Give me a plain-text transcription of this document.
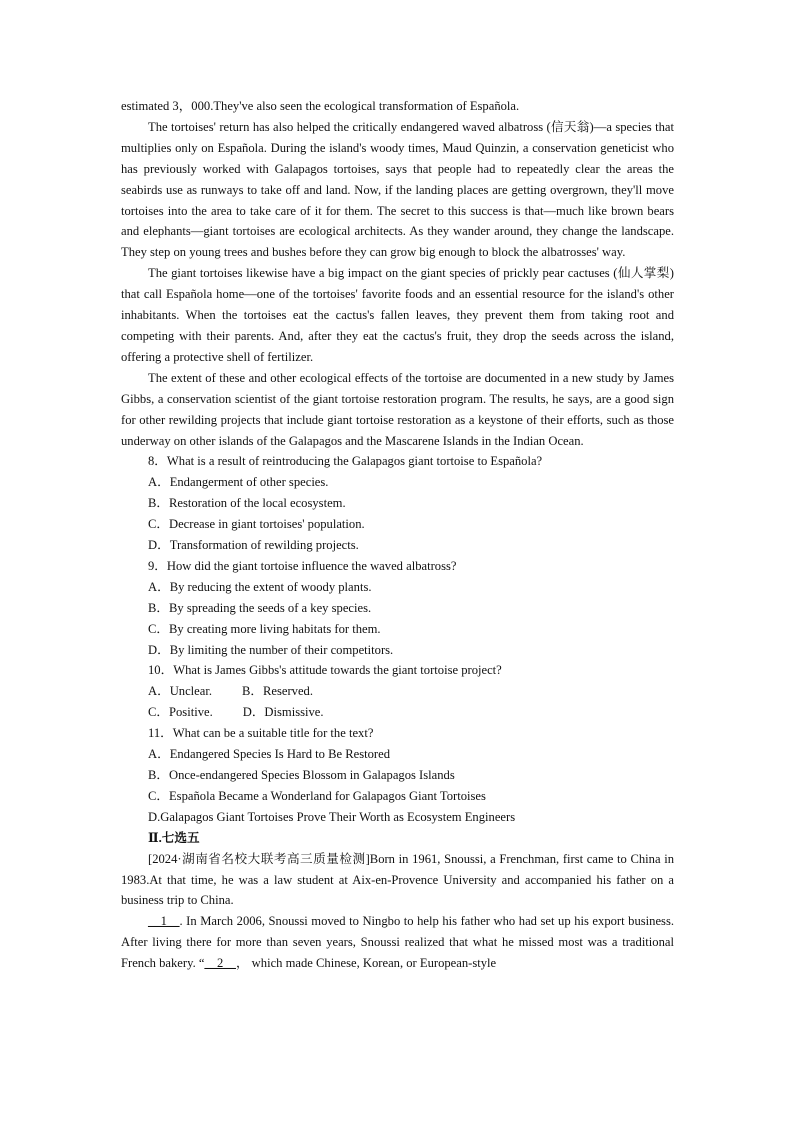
estimated 3，000.They've also seen the ecological transformation of Española.

The tortoises' return has also helped the critically endangered waved albatross (信天翁)—a species that multiplies only on Española. During the island's woody times, Maud Quinzin, a conservation geneticist who has previously worked with Galapagos tortoises, says that people had to repeatedly clear the areas the seabirds use as runways to take off and land. Now, if the landing places are getting overgrown, they'll move tortoises into the area to take care of it for them. The secret to this success is that—much like brown bears and elephants—giant tortoises are ecological architects. As they wander around, they change the landscape. They step on young trees and bushes before they can grow big enough to block the albatrosses' way.

The giant tortoises likewise have a big impact on the giant species of prickly pear cactuses (仙人掌梨) that call Española home—one of the tortoises' favorite foods and an essential resource for the island's other inhabitants. When the tortoises eat the cactus's fallen leaves, they prevent them from taking root and competing with their parents. And, after they eat the cactus's fruit, they drop the seeds across the island, offering a protective shell of fertilizer.

The extent of these and other ecological effects of the tortoise are documented in a new study by James Gibbs, a conservation scientist of the giant tortoise restoration program. The results, he says, are a good sign for other rewilding projects that include giant tortoise restoration as a keystone of their efforts, such as those underway on other islands of the Galapagos and the Mascarene Islands in the Indian Ocean.

8．What is a result of reintroducing the Galapagos giant tortoise to Española?

A．Endangerment of other species.

B．Restoration of the local ecosystem.

C．Decrease in giant tortoises' population.

D．Transformation of rewilding projects.

9．How did the giant tortoise influence the waved albatross?

A．By reducing the extent of woody plants.

B．By spreading the seeds of a key species.

C．By creating more living habitats for them.

D．By limiting the number of their competitors.

10．What is James Gibbs's attitude towards the giant tortoise project?

A．Unclear. B．Reserved.

C．Positive. D．Dismissive.

11．What can be a suitable title for the text?

A．Endangered Species Is Hard to Be Restored

B．Once-endangered Species Blossom in Galapagos Islands

C．Española Became a Wonderland for Galapagos Giant Tortoises

D.Galapagos Giant Tortoises Prove Their Worth as Ecosystem Engineers

Ⅱ.七选五

[2024·湖南省名校大联考高三质量检测]Born in 1961, Snoussi, a Frenchman, first came to China in 1983.At that time, he was a law student at Aix-en-Provence University and accompanied his father on a business trip to China.

__1__. In March 2006, Snoussi moved to Ningbo to help his father who had set up his export business. After living there for more than seven years, Snoussi realized that what he missed most was a traditional French bakery. “__2__， which made Chinese, Korean, or European-style
